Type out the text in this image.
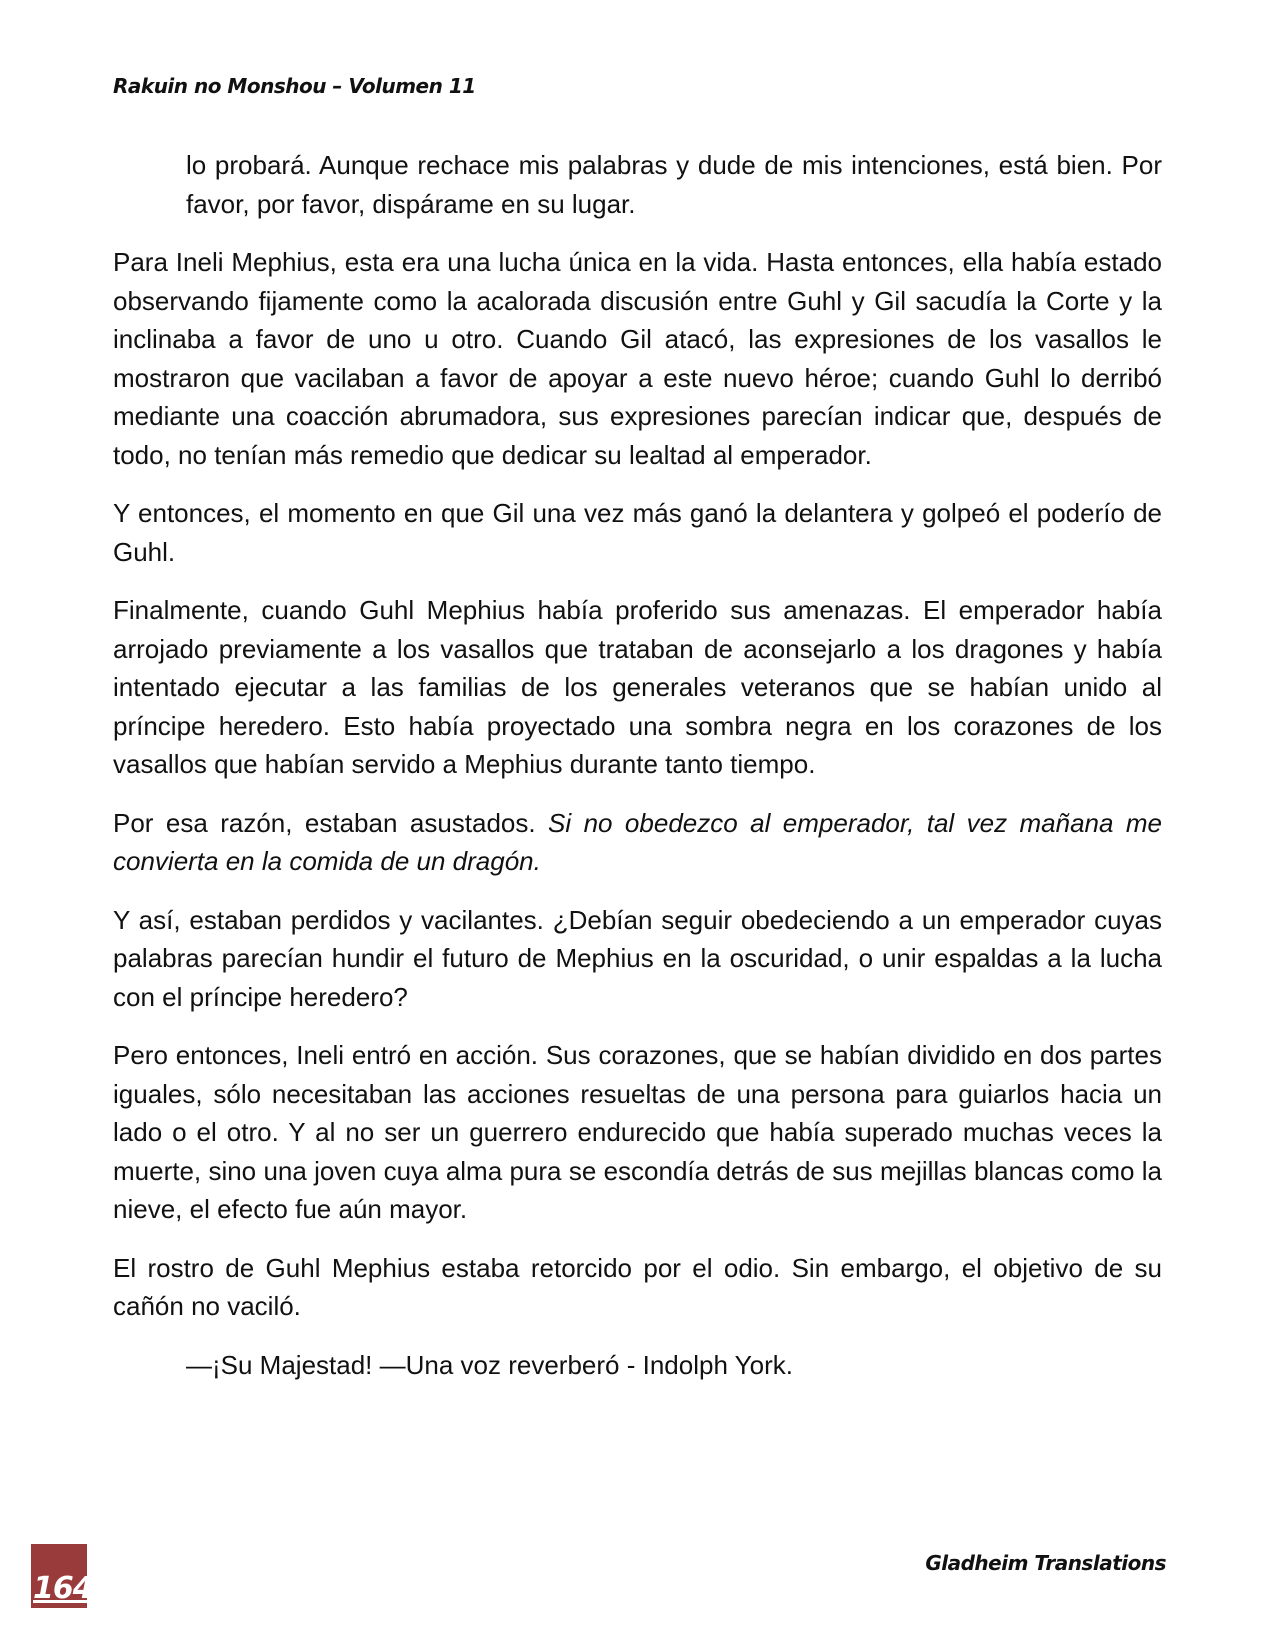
Rakuin no Monshou – Volumen 11

lo probará. Aunque rechace mis palabras y dude de mis intenciones, está bien. Por favor, por favor, dispárame en su lugar.

Para Ineli Mephius, esta era una lucha única en la vida. Hasta entonces, ella había estado observando fijamente como la acalorada discusión entre Guhl y Gil sacudía la Corte y la inclinaba a favor de uno u otro. Cuando Gil atacó, las expresiones de los vasallos le mostraron que vacilaban a favor de apoyar a este nuevo héroe; cuando Guhl lo derribó mediante una coacción abrumadora, sus expresiones parecían indicar que, después de todo, no tenían más remedio que dedicar su lealtad al emperador.

Y entonces, el momento en que Gil una vez más ganó la delantera y golpeó el poderío de Guhl.

Finalmente, cuando Guhl Mephius había proferido sus amenazas. El emperador había arrojado previamente a los vasallos que trataban de aconsejarlo a los dragones y había intentado ejecutar a las familias de los generales veteranos que se habían unido al príncipe heredero. Esto había proyectado una sombra negra en los corazones de los vasallos que habían servido a Mephius durante tanto tiempo.

Por esa razón, estaban asustados. Si no obedezco al emperador, tal vez mañana me convierta en la comida de un dragón.

Y así, estaban perdidos y vacilantes. ¿Debían seguir obedeciendo a un emperador cuyas palabras parecían hundir el futuro de Mephius en la oscuridad, o unir espaldas a la lucha con el príncipe heredero?

Pero entonces, Ineli entró en acción. Sus corazones, que se habían dividido en dos partes iguales, sólo necesitaban las acciones resueltas de una persona para guiarlos hacia un lado o el otro. Y al no ser un guerrero endurecido que había superado muchas veces la muerte, sino una joven cuya alma pura se escondía detrás de sus mejillas blancas como la nieve, el efecto fue aún mayor.

El rostro de Guhl Mephius estaba retorcido por el odio. Sin embargo, el objetivo de su cañón no vaciló.

—¡Su Majestad! —Una voz reverberó - Indolph York.

164
Gladheim Translations
